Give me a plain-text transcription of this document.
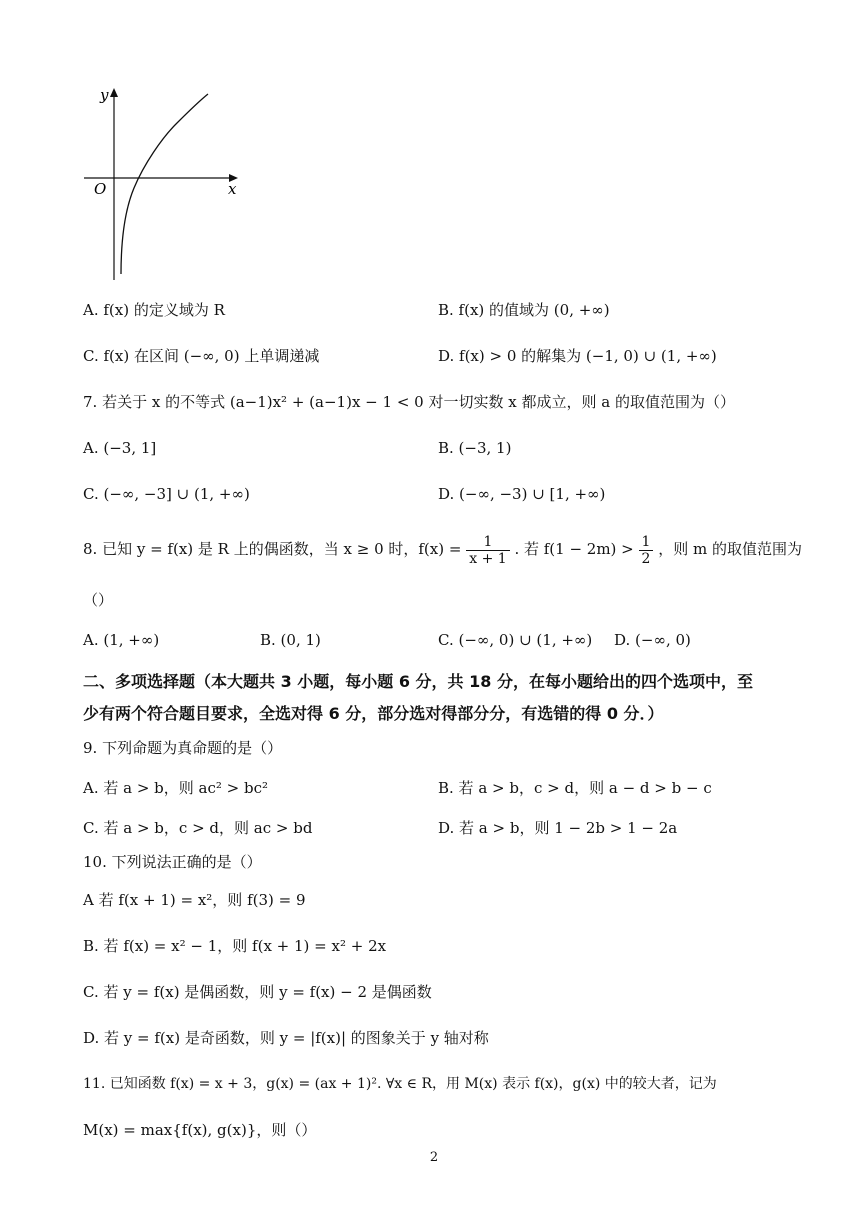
y
x
O
A. f(x) 的定义域为 R	B. f(x) 的值域为 (0, +∞)
C. f(x) 在区间 (−∞, 0) 上单调递减	D. f(x) > 0 的解集为 (−1, 0) ∪ (1, +∞)
7. 若关于 x 的不等式 (a−1)x² + (a−1)x − 1 < 0 对一切实数 x 都成立，则 a 的取值范围为（）
A. (−3, 1]	B. (−3, 1)
C. (−∞, −3] ∪ (1, +∞)	D. (−∞, −3) ∪ [1, +∞)
8. 已知 y = f(x) 是 R 上的偶函数，当 x ≥ 0 时，$f(x) = \frac{1}{x + 1}$ . 若 $f(1 - 2m) > \frac{1}{2}$ ，则 m 的取值范围为
（）
A. (1, +∞)	B. (0, 1)	C. (−∞, 0) ∪ (1, +∞) D. (−∞, 0)
二、多项选择题（本大题共 3 小题，每小题 6 分，共 18 分，在每小题给出的四个选项中，至
少有两个符合题目要求，全选对得 6 分，部分选对得部分分，有选错的得 0 分．）
9. 下列命题为真命题的是（）
A. 若 a > b，则 ac² > bc²	B. 若 a > b，c > d，则 a − d > b − c
C. 若 a > b，c > d，则 ac > bd	D. 若 a > b，则 1 − 2b > 1 − 2a
10. 下列说法正确的是（）
A 若 f(x + 1) = x²，则 f(3) = 9
B. 若 f(x) = x² − 1，则 f(x + 1) = x² + 2x
C. 若 y = f(x) 是偶函数，则 y = f(x) − 2 是偶函数
D. 若 y = f(x) 是奇函数，则 y = |f(x)| 的图象关于 y 轴对称
11. 已知函数 f(x) = x + 3，g(x) = (ax + 1)². ∀x ∈ R，用 M(x) 表示 f(x)，g(x) 中的较大者，记为
M(x) = max{f(x), g(x)}，则（）
2
